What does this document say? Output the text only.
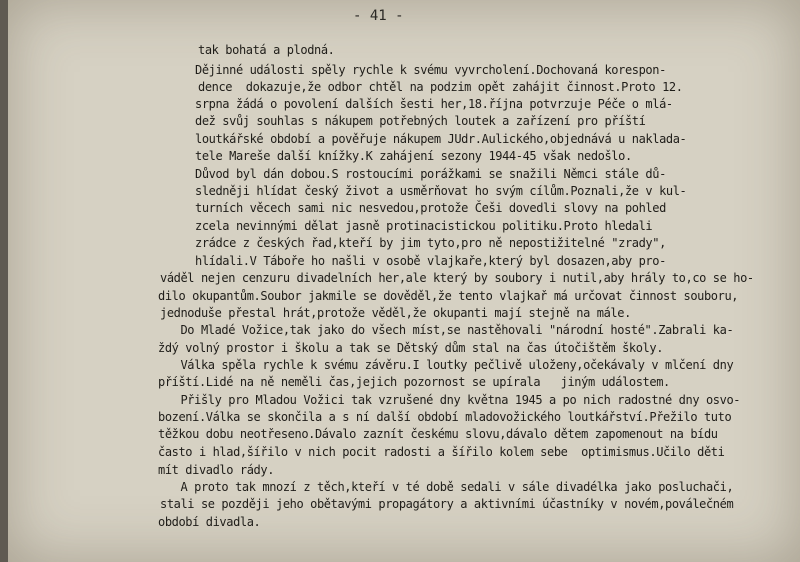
- 41 -
tak bohatá a plodná.
Dějinné události spěly rychle k svému vyvrcholení.Dochovaná korespon-
dence  dokazuje,že odbor chtěl na podzim opět zahájit činnost.Proto 12.
srpna žádá o povolení dalších šesti her,18.října potvrzuje Péče o mlá-
dež svůj souhlas s nákupem potřebných loutek a zařízení pro příští
loutkářské období a pověřuje nákupem JUdr.Aulického,objednává u naklada-
tele Mareše další knížky.K zahájení sezony 1944-45 však nedošlo.
Důvod byl dán dobou.S rostoucími porážkami se snažili Němci stále dů-
sledněji hlídat český život a usměrňovat ho svým cílům.Poznali,že v kul-
turních věcech sami nic nesvedou,protože Češi dovedli slovy na pohled
zcela nevinnými dělat jasně protinacistickou politiku.Proto hledali
zrádce z českých řad,kteří by jim tyto,pro ně nepostižitelné "zrady",
hlídali.V Táboře ho našli v osobě vlajkaře,který byl dosazen,aby pro-
váděl nejen cenzuru divadelních her,ale který by soubory i nutil,aby hrály to,co se ho-
dilo okupantům.Soubor jakmile se dověděl,že tento vlajkař má určovat činnost souboru,
jednoduše přestal hrát,protože věděl,že okupanti mají stejně na mále.
Do Mladé Vožice,tak jako do všech míst,se nastěhovali "národní hosté".Zabrali ka-
ždý volný prostor i školu a tak se Dětský dům stal na čas útočištěm školy.
Válka spěla rychle k svému závěru.I loutky pečlivě uloženy,očekávaly v mlčení dny
příští.Lidé na ně neměli čas,jejich pozornost se upírala   jiným událostem.
Přišly pro Mladou Vožici tak vzrušené dny května 1945 a po nich radostné dny osvo-
bození.Válka se skončila a s ní další období mladovožického loutkářství.Přežilo tuto
těžkou dobu neotřeseno.Dávalo zaznít českému slovu,dávalo dětem zapomenout na bídu
často i hlad,šířilo v nich pocit radosti a šířilo kolem sebe  optimismus.Učilo děti
mít divadlo rády.
A proto tak mnozí z těch,kteří v té době sedali v sále divadélka jako posluchači,
stali se později jeho obětavými propagátory a aktivními účastníky v novém,poválečném
období divadla.
